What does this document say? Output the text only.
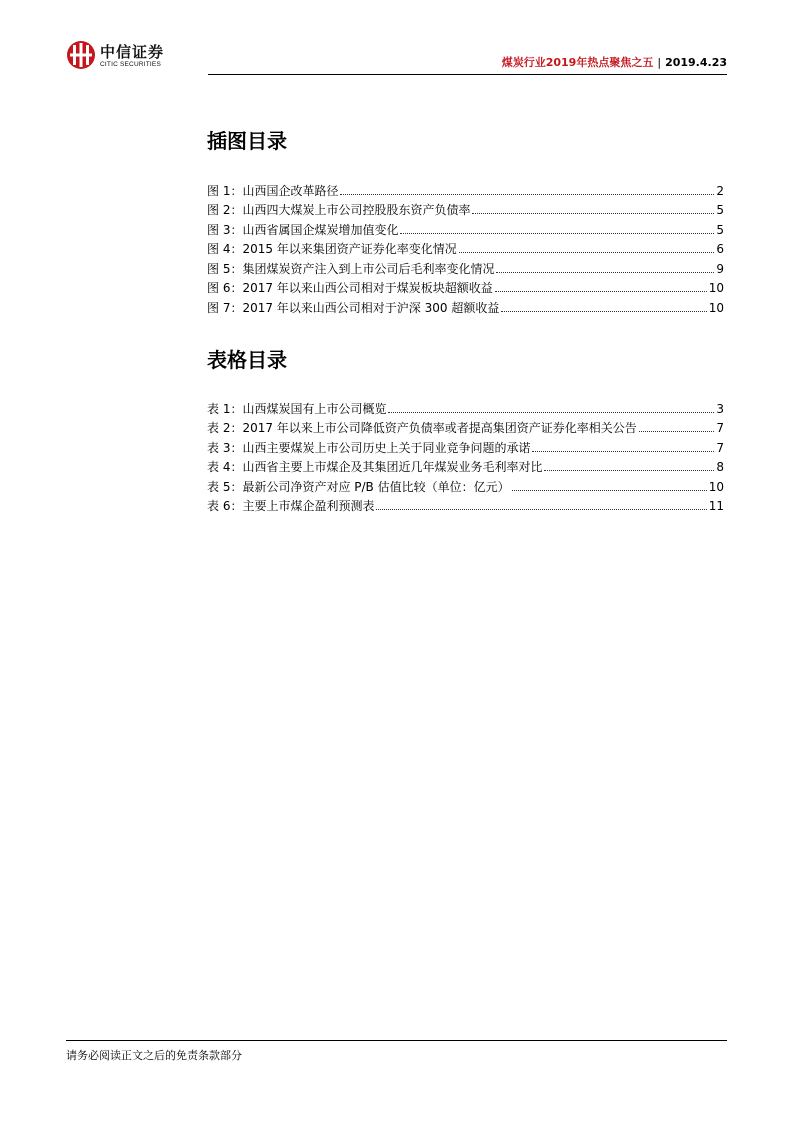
中信证券
CITIC SECURITIES	煤炭行业2019年热点聚焦之五 | 2019.4.23
插图目录
图 1：山西国企改革路径	2
图 2：山西四大煤炭上市公司控股股东资产负债率	5
图 3：山西省属国企煤炭增加值变化	5
图 4：2015 年以来集团资产证券化率变化情况	6
图 5：集团煤炭资产注入到上市公司后毛利率变化情况	9
图 6：2017 年以来山西公司相对于煤炭板块超额收益	10
图 7：2017 年以来山西公司相对于沪深 300 超额收益	10
表格目录
表 1：山西煤炭国有上市公司概览	3
表 2：2017 年以来上市公司降低资产负债率或者提高集团资产证券化率相关公告	7
表 3：山西主要煤炭上市公司历史上关于同业竞争问题的承诺	7
表 4：山西省主要上市煤企及其集团近几年煤炭业务毛利率对比	8
表 5：最新公司净资产对应 P/B 估值比较（单位：亿元）	10
表 6：主要上市煤企盈利预测表	11
请务必阅读正文之后的免责条款部分
